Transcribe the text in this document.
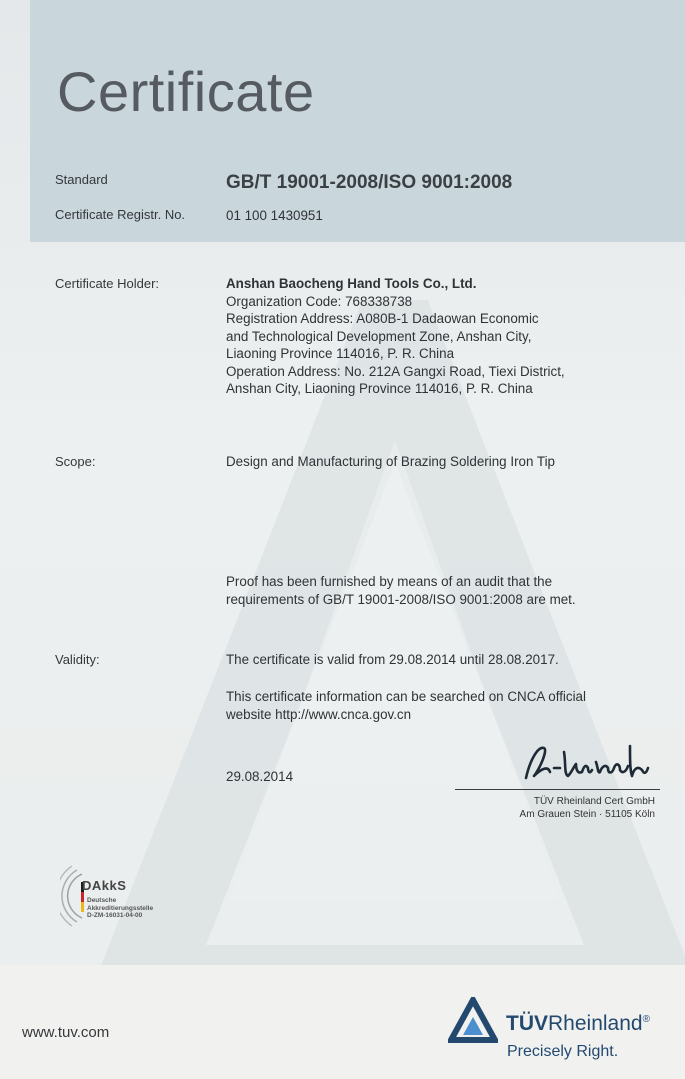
Certificate
Standard	GB/T 19001-2008/ISO 9001:2008
Certificate Registr. No.	01 100 1430951
Certificate Holder:	Anshan Baocheng Hand Tools Co., Ltd.
Organization Code: 768338738
Registration Address: A080B-1 Dadaowan Economic
and Technological Development Zone, Anshan City,
Liaoning Province 114016, P. R. China
Operation Address: No. 212A Gangxi Road, Tiexi District,
Anshan City, Liaoning Province 114016, P. R. China
Scope:	Design and Manufacturing of Brazing Soldering Iron Tip
Proof has been furnished by means of an audit that the
requirements of GB/T 19001-2008/ISO 9001:2008 are met.
Validity:	The certificate is valid from 29.08.2014 until 28.08.2017.
This certificate information can be searched on CNCA official
website http://www.cnca.gov.cn
29.08.2014
TÜV Rheinland Cert GmbH
Am Grauen Stein · 51105 Köln
DAkkS
Deutsche
Akkreditierungsstelle
D-ZM-16031-04-00
www.tuv.com	TÜVRheinland®
Precisely Right.
